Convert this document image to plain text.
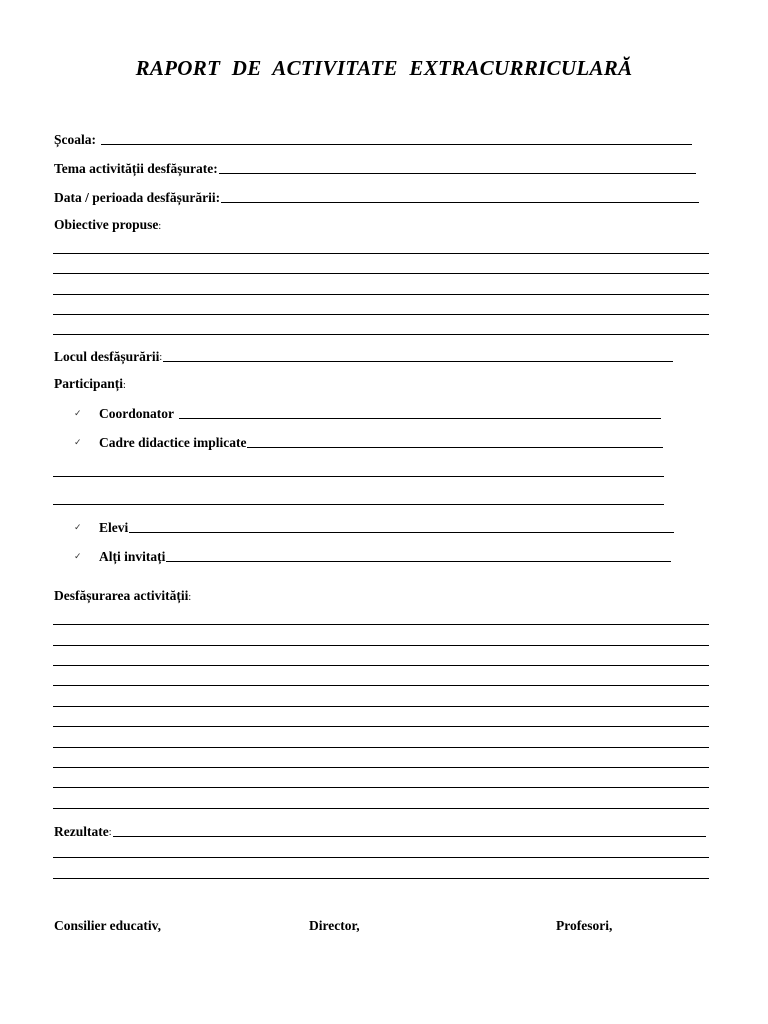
RAPORT DE ACTIVITATE EXTRACURRICULARĂ
Școala:
Tema activității desfășurate:
Data / perioada desfășurării:
Obiective propuse:
Locul desfășurării :
Participanți:
✓ Coordonator
✓ Cadre didactice implicate
✓ Elevi
✓ Alți invitați
Desfășurarea activității:
Rezultate :
Consilier educativ,	Director,	Profesori,
